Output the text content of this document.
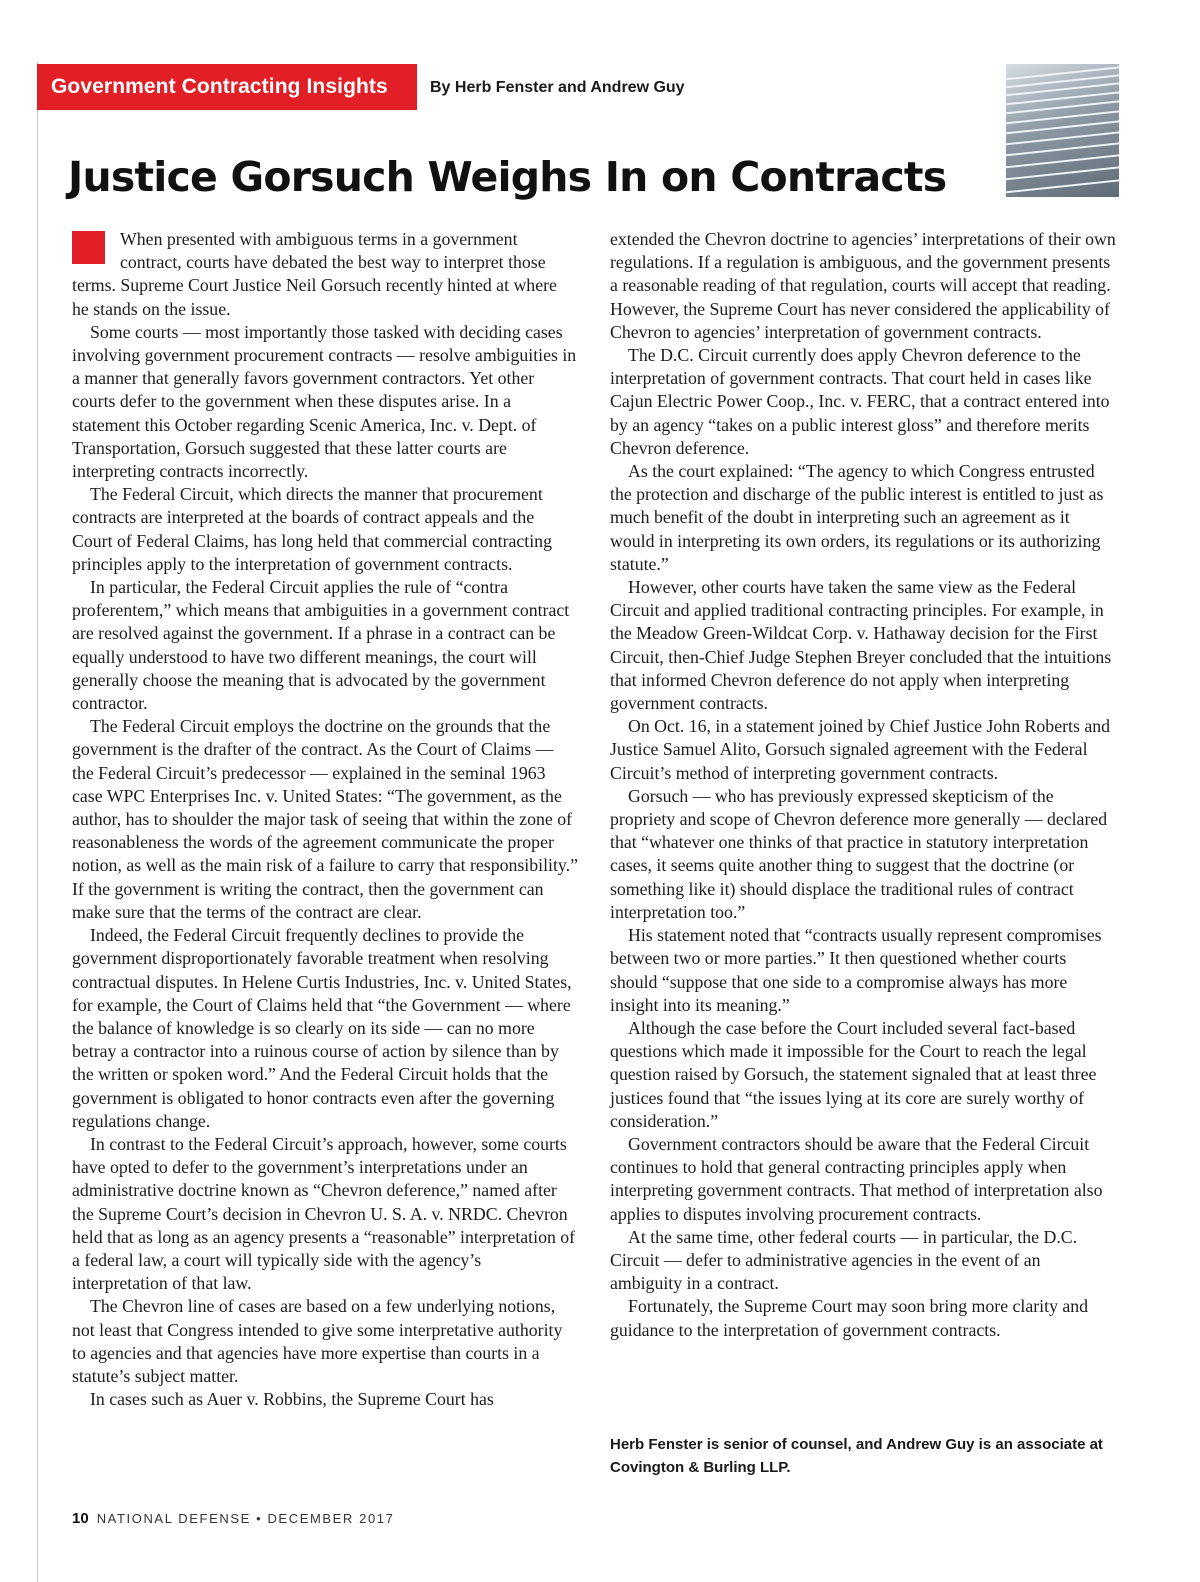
Government Contracting Insights	By Herb Fenster and Andrew Guy
Justice Gorsuch Weighs In on Contracts

When presented with ambiguous terms in a government contract, courts have debated the best way to interpret those terms. Supreme Court Justice Neil Gorsuch recently hinted at where he stands on the issue.

Some courts — most importantly those tasked with deciding cases involving government procurement contracts — resolve ambiguities in a manner that generally favors government contractors. Yet other courts defer to the government when these disputes arise. In a statement this October regarding Scenic America, Inc. v. Dept. of Transportation, Gorsuch suggested that these latter courts are interpreting contracts incorrectly.

The Federal Circuit, which directs the manner that procurement contracts are interpreted at the boards of contract appeals and the Court of Federal Claims, has long held that commercial contracting principles apply to the interpretation of government contracts.

In particular, the Federal Circuit applies the rule of “contra proferentem,” which means that ambiguities in a government contract are resolved against the government. If a phrase in a contract can be equally understood to have two different meanings, the court will generally choose the meaning that is advocated by the government contractor.

The Federal Circuit employs the doctrine on the grounds that the government is the drafter of the contract. As the Court of Claims — the Federal Circuit’s predecessor — explained in the seminal 1963 case WPC Enterprises Inc. v. United States: “The government, as the author, has to shoulder the major task of seeing that within the zone of reasonableness the words of the agreement communicate the proper notion, as well as the main risk of a failure to carry that responsibility.” If the government is writing the contract, then the government can make sure that the terms of the contract are clear.

Indeed, the Federal Circuit frequently declines to provide the government disproportionately favorable treatment when resolving contractual disputes. In Helene Curtis Industries, Inc. v. United States, for example, the Court of Claims held that “the Government — where the balance of knowledge is so clearly on its side — can no more betray a contractor into a ruinous course of action by silence than by the written or spoken word.” And the Federal Circuit holds that the government is obligated to honor contracts even after the governing regulations change.

In contrast to the Federal Circuit’s approach, however, some courts have opted to defer to the government’s interpretations under an administrative doctrine known as “Chevron deference,” named after the Supreme Court’s decision in Chevron U. S. A. v. NRDC. Chevron held that as long as an agency presents a “reasonable” interpretation of a federal law, a court will typically side with the agency’s interpretation of that law.

The Chevron line of cases are based on a few underlying notions, not least that Congress intended to give some interpretative authority to agencies and that agencies have more expertise than courts in a statute’s subject matter.

In cases such as Auer v. Robbins, the Supreme Court has

extended the Chevron doctrine to agencies’ interpretations of their own regulations. If a regulation is ambiguous, and the government presents a reasonable reading of that regulation, courts will accept that reading. However, the Supreme Court has never considered the applicability of Chevron to agencies’ interpretation of government contracts.

The D.C. Circuit currently does apply Chevron deference to the interpretation of government contracts. That court held in cases like Cajun Electric Power Coop., Inc. v. FERC, that a contract entered into by an agency “takes on a public interest gloss” and therefore merits Chevron deference.

As the court explained: “The agency to which Congress entrusted the protection and discharge of the public interest is entitled to just as much benefit of the doubt in interpreting such an agreement as it would in interpreting its own orders, its regulations or its authorizing statute.”

However, other courts have taken the same view as the Federal Circuit and applied traditional contracting principles. For example, in the Meadow Green-Wildcat Corp. v. Hathaway decision for the First Circuit, then-Chief Judge Stephen Breyer concluded that the intuitions that informed Chevron deference do not apply when interpreting government contracts.

On Oct. 16, in a statement joined by Chief Justice John Roberts and Justice Samuel Alito, Gorsuch signaled agreement with the Federal Circuit’s method of interpreting government contracts.

Gorsuch — who has previously expressed skepticism of the propriety and scope of Chevron deference more generally — declared that “whatever one thinks of that practice in statutory interpretation cases, it seems quite another thing to suggest that the doctrine (or something like it) should displace the traditional rules of contract interpretation too.”

His statement noted that “contracts usually represent compromises between two or more parties.” It then questioned whether courts should “suppose that one side to a compromise always has more insight into its meaning.”

Although the case before the Court included several fact-based questions which made it impossible for the Court to reach the legal question raised by Gorsuch, the statement signaled that at least three justices found that “the issues lying at its core are surely worthy of consideration.”

Government contractors should be aware that the Federal Circuit continues to hold that general contracting principles apply when interpreting government contracts. That method of interpretation also applies to disputes involving procurement contracts.

At the same time, other federal courts — in particular, the D.C. Circuit — defer to administrative agencies in the event of an ambiguity in a contract.

Fortunately, the Supreme Court may soon bring more clarity and guidance to the interpretation of government contracts.

Herb Fenster is senior of counsel, and Andrew Guy is an associate at Covington & Burling LLP.
10 NATIONAL DEFENSE • DECEMBER 2017
